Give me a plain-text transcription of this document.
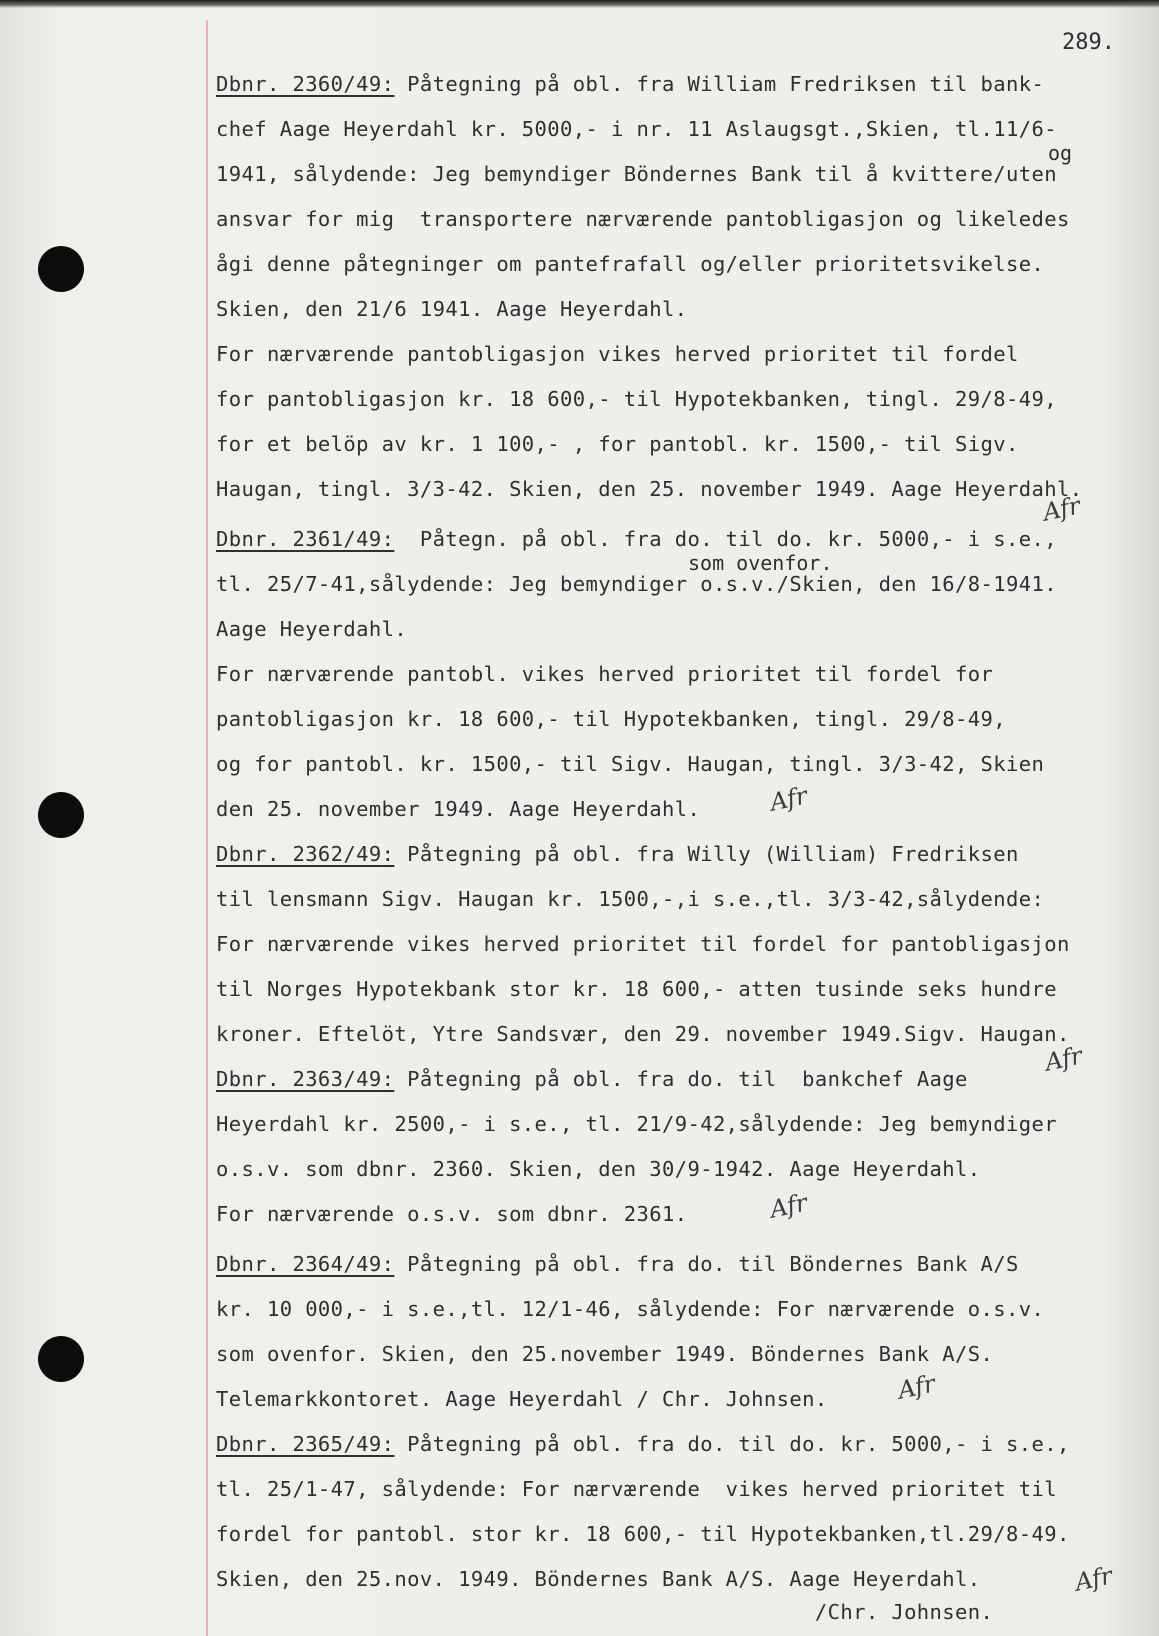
289.

Dbnr. 2360/49: Påtegning på obl. fra William Fredriksen til bank-

chef Aage Heyerdahl kr. 5000,- i nr. 11 Aslaugsgt.,Skien, tl.11/6-

og

1941, sålydende: Jeg bemyndiger Böndernes Bank til å kvittere/uten

ansvar for mig  transportere nærværende pantobligasjon og likeledes

ågi denne påtegninger om pantefrafall og/eller prioritetsvikelse.

Skien, den 21/6 1941. Aage Heyerdahl.

For nærværende pantobligasjon vikes herved prioritet til fordel

for pantobligasjon kr. 18 600,- til Hypotekbanken, tingl. 29/8-49,

for et belöp av kr. 1 100,- , for pantobl. kr. 1500,- til Sigv.

Haugan, tingl. 3/3-42. Skien, den 25. november 1949. Aage Heyerdahl.

Afr

Dbnr. 2361/49:  Påtegn. på obl. fra do. til do. kr. 5000,- i s.e.,

som ovenfor.

tl. 25/7-41,sålydende: Jeg bemyndiger o.s.v./Skien, den 16/8-1941.

Aage Heyerdahl.

For nærværende pantobl. vikes herved prioritet til fordel for

pantobligasjon kr. 18 600,- til Hypotekbanken, tingl. 29/8-49,

og for pantobl. kr. 1500,- til Sigv. Haugan, tingl. 3/3-42, Skien

den 25. november 1949. Aage Heyerdahl.	Afr

Dbnr. 2362/49: Påtegning på obl. fra Willy (William) Fredriksen

til lensmann Sigv. Haugan kr. 1500,-,i s.e.,tl. 3/3-42,sålydende:

For nærværende vikes herved prioritet til fordel for pantobligasjon

til Norges Hypotekbank stor kr. 18 600,- atten tusinde seks hundre

kroner. Eftelöt, Ytre Sandsvær, den 29. november 1949.Sigv. Haugan.

Afr

Dbnr. 2363/49: Påtegning på obl. fra do. til  bankchef Aage

Heyerdahl kr. 2500,- i s.e., tl. 21/9-42,sålydende: Jeg bemyndiger

o.s.v. som dbnr. 2360. Skien, den 30/9-1942. Aage Heyerdahl.

For nærværende o.s.v. som dbnr. 2361.	Afr

Dbnr. 2364/49: Påtegning på obl. fra do. til Böndernes Bank A/S

kr. 10 000,- i s.e.,tl. 12/1-46, sålydende: For nærværende o.s.v.

som ovenfor. Skien, den 25.november 1949. Böndernes Bank A/S.

Telemarkkontoret. Aage Heyerdahl / Chr. Johnsen.	Afr

Dbnr. 2365/49: Påtegning på obl. fra do. til do. kr. 5000,- i s.e.,

tl. 25/1-47, sålydende: For nærværende  vikes herved prioritet til

fordel for pantobl. stor kr. 18 600,- til Hypotekbanken,tl.29/8-49.

Skien, den 25.nov. 1949. Böndernes Bank A/S. Aage Heyerdahl.

/Chr. Johnsen.

Afr
